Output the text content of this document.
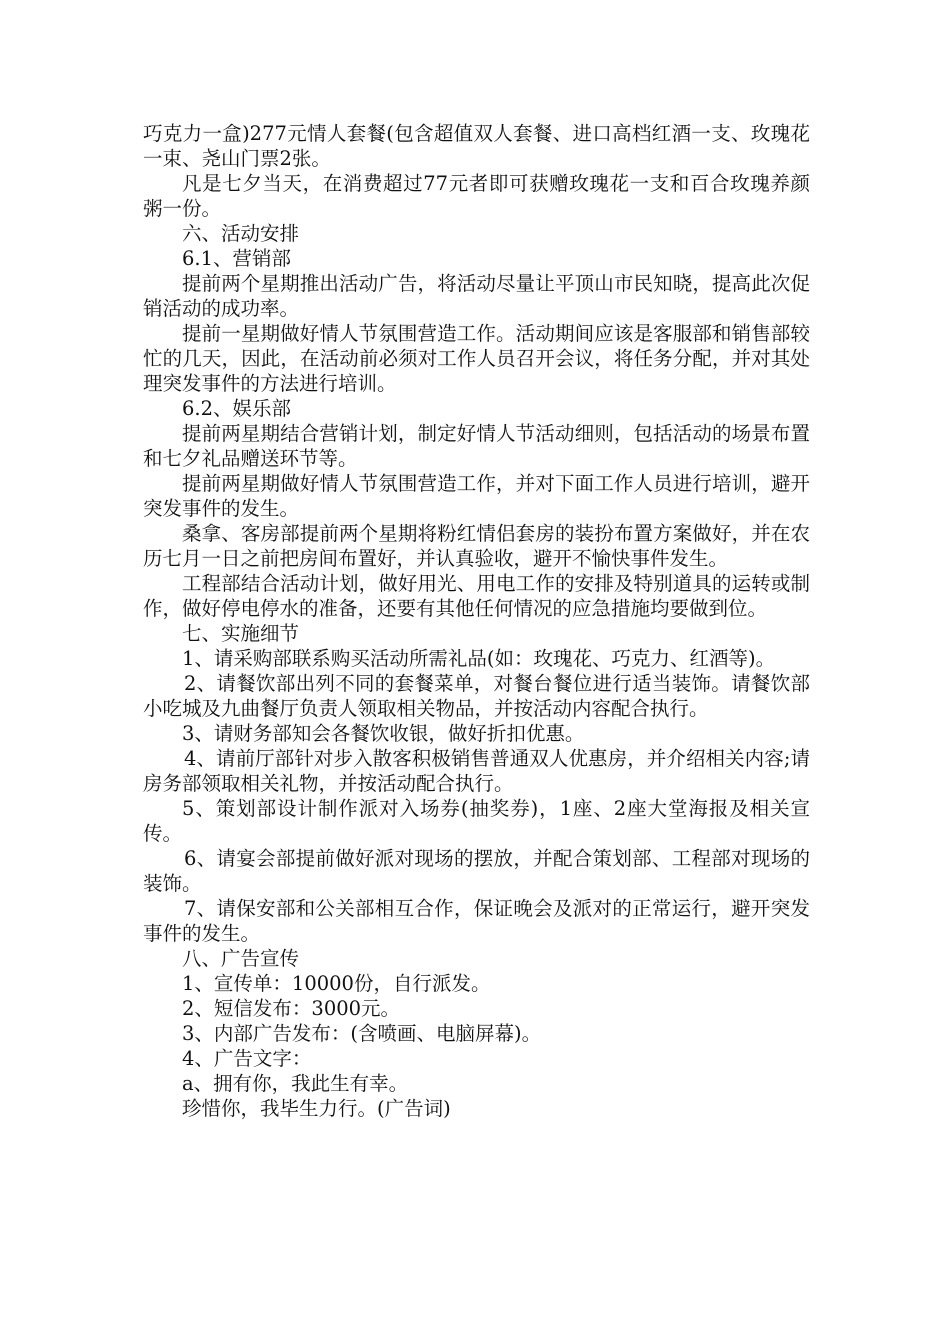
巧克力一盒)277元情人套餐(包含超值双人套餐、进口高档红酒一支、玫瑰花一束、尧山门票2张。

凡是七夕当天，在消费超过77元者即可获赠玫瑰花一支和百合玫瑰养颜粥一份。

六、活动安排

6.1、营销部

提前两个星期推出活动广告，将活动尽量让平顶山市民知晓，提高此次促销活动的成功率。

提前一星期做好情人节氛围营造工作。活动期间应该是客服部和销售部较忙的几天，因此，在活动前必须对工作人员召开会议，将任务分配，并对其处理突发事件的方法进行培训。

6.2、娱乐部

提前两星期结合营销计划，制定好情人节活动细则，包括活动的场景布置和七夕礼品赠送环节等。

提前两星期做好情人节氛围营造工作，并对下面工作人员进行培训，避开突发事件的发生。

桑拿、客房部提前两个星期将粉红情侣套房的装扮布置方案做好，并在农历七月一日之前把房间布置好，并认真验收，避开不愉快事件发生。

工程部结合活动计划，做好用光、用电工作的安排及特别道具的运转或制作，做好停电停水的准备，还要有其他任何情况的应急措施均要做到位。

七、实施细节

1、请采购部联系购买活动所需礼品(如：玫瑰花、巧克力、红酒等)。

2、请餐饮部出列不同的套餐菜单，对餐台餐位进行适当装饰。请餐饮部小吃城及九曲餐厅负责人领取相关物品，并按活动内容配合执行。

3、请财务部知会各餐饮收银，做好折扣优惠。

4、请前厅部针对步入散客积极销售普通双人优惠房，并介绍相关内容;请房务部领取相关礼物，并按活动配合执行。

5、策划部设计制作派对入场券(抽奖券)，1座、2座大堂海报及相关宣传。

6、请宴会部提前做好派对现场的摆放，并配合策划部、工程部对现场的装饰。

7、请保安部和公关部相互合作，保证晚会及派对的正常运行，避开突发事件的发生。

八、广告宣传

1、宣传单：10000份，自行派发。

2、短信发布：3000元。

3、内部广告发布：(含喷画、电脑屏幕)。

4、广告文字：

a、拥有你，我此生有幸。

珍惜你，我毕生力行。(广告词)
